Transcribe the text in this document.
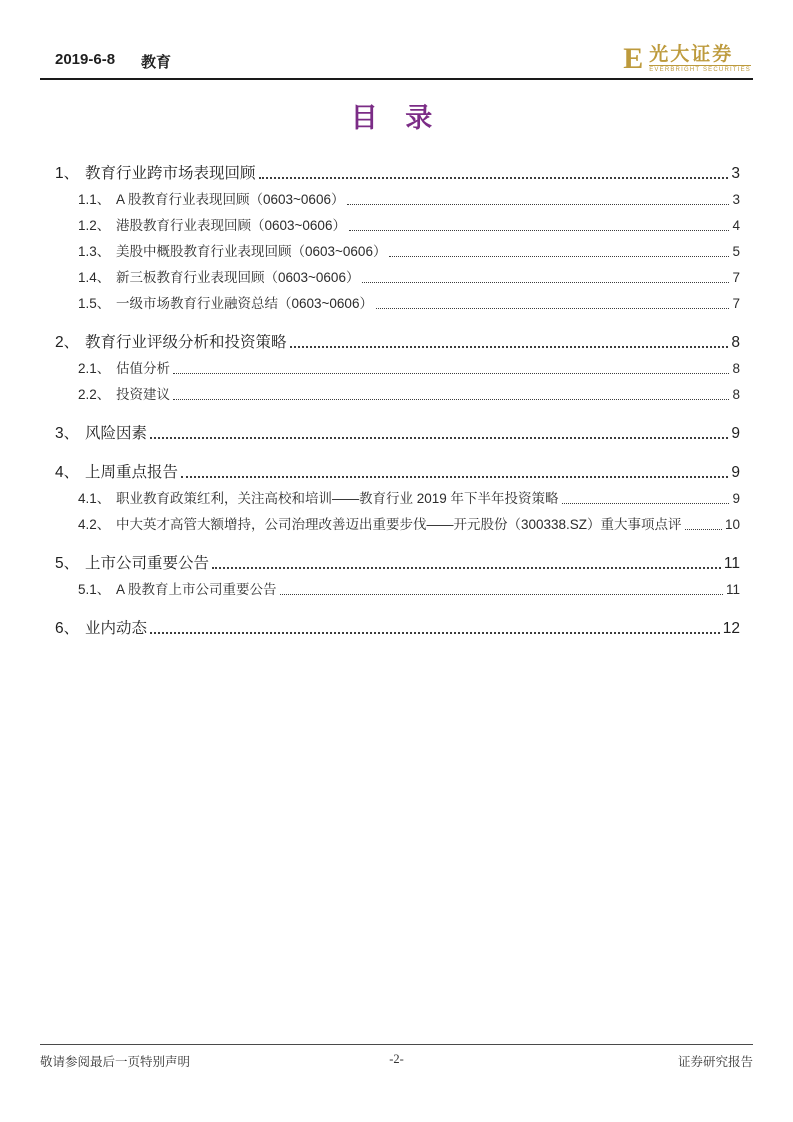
2019-6-8 教育	E 光大证券
EVERBRIGHT SECURITIES
目 录
1、 教育行业跨市场表现回顾	3
1.1、 A 股教育行业表现回顾（0603~0606）	3
1.2、 港股教育行业表现回顾（0603~0606）	4
1.3、 美股中概股教育行业表现回顾（0603~0606）	5
1.4、 新三板教育行业表现回顾（0603~0606）	7
1.5、 一级市场教育行业融资总结（0603~0606）	7
2、 教育行业评级分析和投资策略	8
2.1、 估值分析	8
2.2、 投资建议	8
3、 风险因素	9
4、 上周重点报告	9
4.1、 职业教育政策红利，关注高校和培训——教育行业 2019 年下半年投资策略	9
4.2、 中大英才高管大额增持，公司治理改善迈出重要步伐——开元股份（300338.SZ）重大事项点评	10
5、 上市公司重要公告	11
5.1、 A 股教育上市公司重要公告	11
6、 业内动态	12
敬请参阅最后一页特别声明	-2-	证券研究报告
